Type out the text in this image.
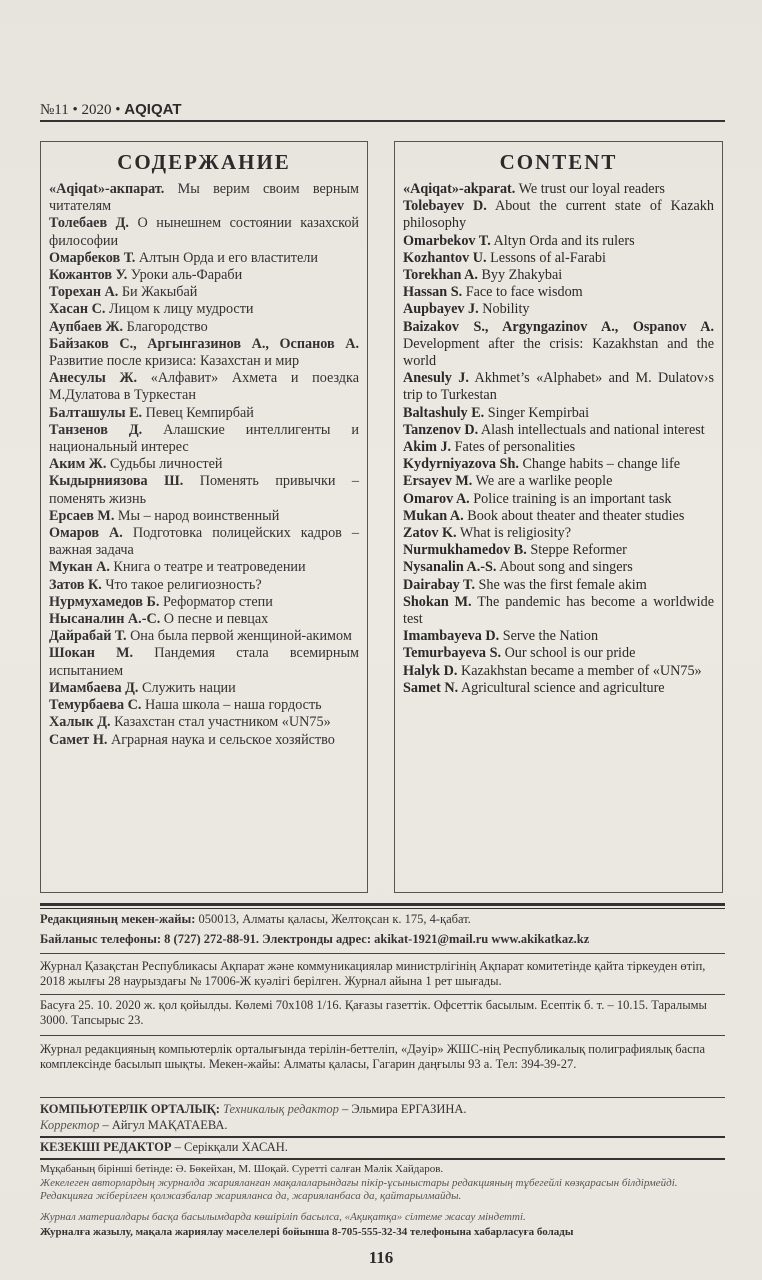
№11 • 2020 • AQIQAT
СОДЕРЖАНИЕ

«Aqiqat»-акпарат. Мы верим своим верным читателям

Толебаев Д. О нынешнем состоянии казахской философии

Омарбеков Т. Алтын Орда и его властители

Кожантов У. Уроки аль-Фараби

Торехан А. Би Жакыбай

Хасан С. Лицом к лицу мудрости

Аупбаев Ж. Благородство

Байзаков С., Аргынгазинов А., Оспанов А. Развитие после кризиса: Казахстан и мир

Анесулы Ж. «Алфавит» Ахмета и поездка М.Дулатова в Туркестан

Балташулы Е. Певец Кемпирбай

Танзенов Д. Алашские интеллигенты и национальный интерес

Аким Ж. Судьбы личностей

Кыдырниязова Ш. Поменять привычки – поменять жизнь

Ерсаев М. Мы – народ воинственный

Омаров А. Подготовка полицейских кадров – важная задача

Мукан А. Книга о театре и театроведении

Затов К. Что такое религиозность?

Нурмухамедов Б. Реформатор степи

Нысаналин А.-С. О песне и певцах

Дайрабай Т. Она была первой женщиной-акимом

Шокан М. Пандемия стала всемирным испытанием

Имамбаева Д. Служить нации

Темурбаева С. Наша школа – наша гордость

Халык Д. Казахстан стал участником «UN75»

Самет Н. Аграрная наука и сельское хозяйство

CONTENT

«Aqiqat»-akparat. We trust our loyal readers

Tolebayev D. About the current state of Kazakh philosophy

Omarbekov T. Altyn Orda and its rulers

Kozhantov U. Lessons of al-Farabi

Torekhan A. Byy Zhakybai

Hassan S. Face to face wisdom

Aupbayev J. Nobility

Baizakov S., Argyngazinov A., Ospanov A. Development after the crisis: Kazakhstan and the world

Anesuly J. Akhmet’s «Alphabet» and M. Dulatov›s trip to Turkestan

Baltashuly E. Singer Kempirbai

Tanzenov D. Alash intellectuals and national interest

Akim J. Fates of personalities

Kydyrniyazova Sh. Change habits – change life

Ersayev M. We are a warlike people

Omarov A. Police training is an important task

Mukan A. Book about theater and theater studies

Zatov K. What is religiosity?

Nurmukhamedov B. Steppe Reformer

Nysanalin A.-S. About song and singers

Dairabay T. She was the first female akim

Shokan M. The pandemic has become a worldwide test

Imambayeva D. Serve the Nation

Temurbayeva S. Our school is our pride

Halyk D. Kazakhstan became a member of «UN75»

Samet N. Agricultural science and agriculture

Редакцияның мекен-жайы: 050013, Алматы қаласы, Желтоқсан к. 175, 4-қабат.
Байланыс телефоны: 8 (727) 272-88-91. Электронды адрес: akikat-1921@mail.ru www.akikatkaz.kz
Журнал Қазақстан Республикасы Ақпарат және коммуникациялар министрлігінің Ақпарат комитетінде қайта тіркеуден өтіп, 2018 жылғы 28 наурыздағы № 17006-Ж куәлігі берілген. Журнал айына 1 рет шығады.
Басуға 25. 10. 2020 ж. қол қойылды. Көлемі 70х108 1/16. Қағазы газеттік. Офсеттік басылым. Есептік б. т. – 10.15. Таралымы 3000. Тапсырыс 23.
Журнал редакцияның компьютерлік орталығында терілін-беттеліп, «Дәуір» ЖШС-нің Республикалық полиграфиялық баспа комплексінде басылып шықты. Мекен-жайы: Алматы қаласы, Гагарин даңғылы 93 а. Тел: 394-39-27.
КОМПЬЮТЕРЛІК ОРТАЛЫҚ: Техникалық редактор – Эльмира ЕРГАЗИНА.
Корректор – Айгул МАҚАТАЕВА.
КЕЗЕКШІ РЕДАКТОР – Серікқали ХАСАН.
Мұқабаның бірінші бетінде: Ә. Бөкейхан, М. Шоқай. Суретті салған Мәлік Хайдаров.
Жекелеген авторлардың журналда жарияланған мақалаларындағы пікір-ұсыныстары редакцияның тұбегейлі көзқарасын білдірмейді. Редакцияға жіберілген қолжазбалар жарияланса да, жарияланбаса да, қайтарылмайды.
Журнал материалдары басқа басылымдарда көшіріліп басылса, «Ақиқатқа» сілтеме жасау міндетті.
Журналға жазылу, мақала жариялау мәселелері бойынша 8-705-555-32-34 телефонына хабарласуға болады
116
